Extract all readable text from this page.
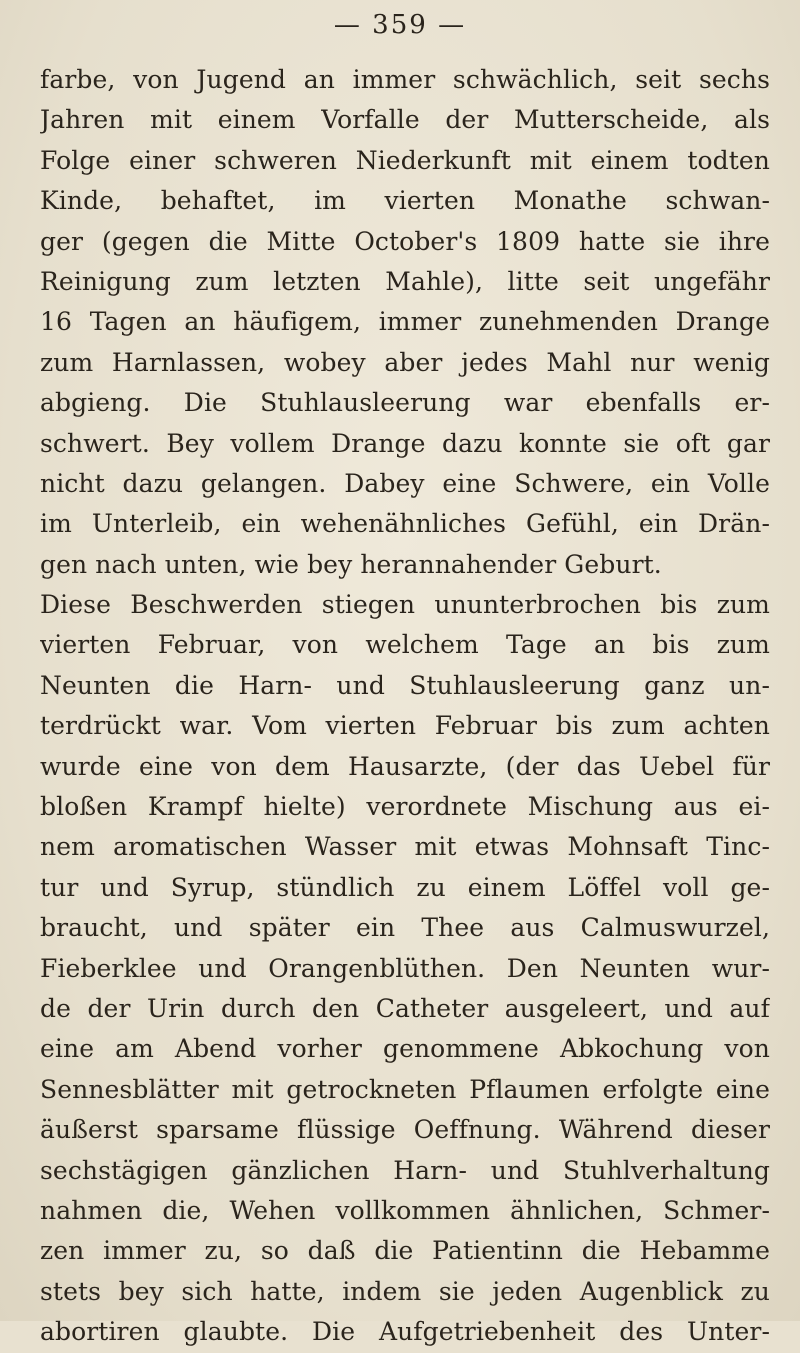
— 359 —
farbe, von Jugend an immer schwächlich, seit sechs
Jahren mit einem Vorfalle der Mutterscheide, als
Folge einer schweren Niederkunft mit einem todten
Kinde, behaftet, im vierten Monathe schwan-
ger (gegen die Mitte October's 1809 hatte sie ihre
Reinigung zum letzten Mahle), litte seit ungefähr
16 Tagen an häufigem, immer zunehmenden Drange
zum Harnlassen, wobey aber jedes Mahl nur wenig
abgieng. Die Stuhlausleerung war ebenfalls er-
schwert. Bey vollem Drange dazu konnte sie oft gar
nicht dazu gelangen. Dabey eine Schwere, ein Volle
im Unterleib, ein wehenähnliches Gefühl, ein Drän-
gen nach unten, wie bey herannahender Geburt.
Diese Beschwerden stiegen ununterbrochen bis zum
vierten Februar, von welchem Tage an bis zum
Neunten die Harn- und Stuhlausleerung ganz un-
terdrückt war. Vom vierten Februar bis zum achten
wurde eine von dem Hausarzte, (der das Uebel für
bloßen Krampf hielte) verordnete Mischung aus ei-
nem aromatischen Wasser mit etwas Mohnsaft Tinc-
tur und Syrup, stündlich zu einem Löffel voll ge-
braucht, und später ein Thee aus Calmuswurzel,
Fieberklee und Orangenblüthen. Den Neunten wur-
de der Urin durch den Catheter ausgeleert, und auf
eine am Abend vorher genommene Abkochung von
Sennesblätter mit getrockneten Pflaumen erfolgte eine
äußerst sparsame flüssige Oeffnung. Während dieser
sechstägigen gänzlichen Harn- und Stuhlverhaltung
nahmen die, Wehen vollkommen ähnlichen, Schmer-
zen immer zu, so daß die Patientinn die Hebamme
stets bey sich hatte, indem sie jeden Augenblick zu
abortiren glaubte. Die Aufgetriebenheit des Unter-
